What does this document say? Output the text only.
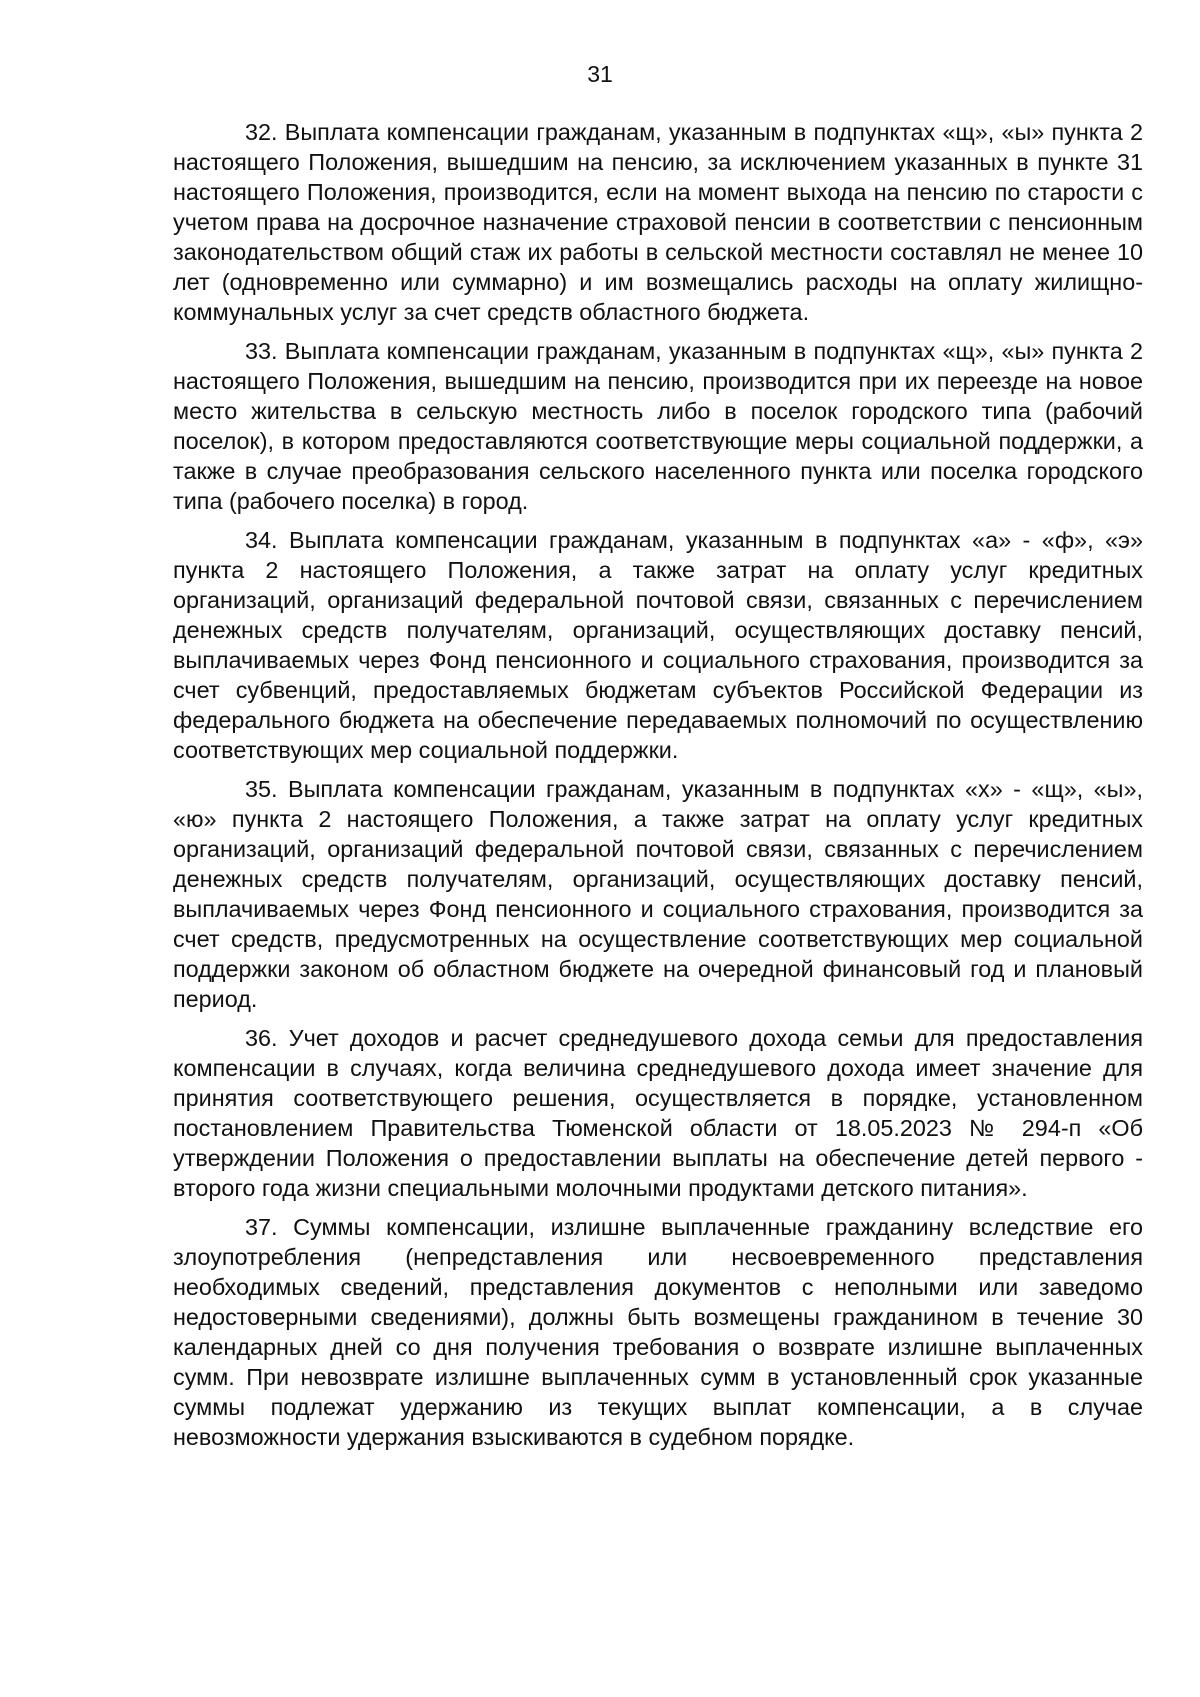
31

32. Выплата компенсации гражданам, указанным в подпунктах «щ», «ы» пункта 2 настоящего Положения, вышедшим на пенсию, за исключением указанных в пункте 31 настоящего Положения, производится, если на момент выхода на пенсию по старости с учетом права на досрочное назначение страховой пенсии в соответствии с пенсионным законодательством общий стаж их работы в сельской местности составлял не менее 10 лет (одновременно или суммарно) и им возмещались расходы на оплату жилищно-коммунальных услуг за счет средств областного бюджета.

33. Выплата компенсации гражданам, указанным в подпунктах «щ», «ы» пункта 2 настоящего Положения, вышедшим на пенсию, производится при их переезде на новое место жительства в сельскую местность либо в поселок городского типа (рабочий поселок), в котором предоставляются соответствующие меры социальной поддержки, а также в случае преобразования сельского населенного пункта или поселка городского типа (рабочего поселка) в город.

34. Выплата компенсации гражданам, указанным в подпунктах «а» - «ф», «э» пункта 2 настоящего Положения, а также затрат на оплату услуг кредитных организаций, организаций федеральной почтовой связи, связанных с перечислением денежных средств получателям, организаций, осуществляющих доставку пенсий, выплачиваемых через Фонд пенсионного и социального страхования, производится за счет субвенций, предоставляемых бюджетам субъектов Российской Федерации из федерального бюджета на обеспечение передаваемых полномочий по осуществлению соответствующих мер социальной поддержки.

35. Выплата компенсации гражданам, указанным в подпунктах «х» - «щ», «ы», «ю» пункта 2 настоящего Положения, а также затрат на оплату услуг кредитных организаций, организаций федеральной почтовой связи, связанных с перечислением денежных средств получателям, организаций, осуществляющих доставку пенсий, выплачиваемых через Фонд пенсионного и социального страхования, производится за счет средств, предусмотренных на осуществление соответствующих мер социальной поддержки законом об областном бюджете на очередной финансовый год и плановый период.

36. Учет доходов и расчет среднедушевого дохода семьи для предоставления компенсации в случаях, когда величина среднедушевого дохода имеет значение для принятия соответствующего решения, осуществляется в порядке, установленном постановлением Правительства Тюменской области от 18.05.2023 № 294-п «Об утверждении Положения о предоставлении выплаты на обеспечение детей первого - второго года жизни специальными молочными продуктами детского питания».

37. Суммы компенсации, излишне выплаченные гражданину вследствие его злоупотребления (непредставления или несвоевременного представления необходимых сведений, представления документов с неполными или заведомо недостоверными сведениями), должны быть возмещены гражданином в течение 30 календарных дней со дня получения требования о возврате излишне выплаченных сумм. При невозврате излишне выплаченных сумм в установленный срок указанные суммы подлежат удержанию из текущих выплат компенсации, а в случае невозможности удержания взыскиваются в судебном порядке.
